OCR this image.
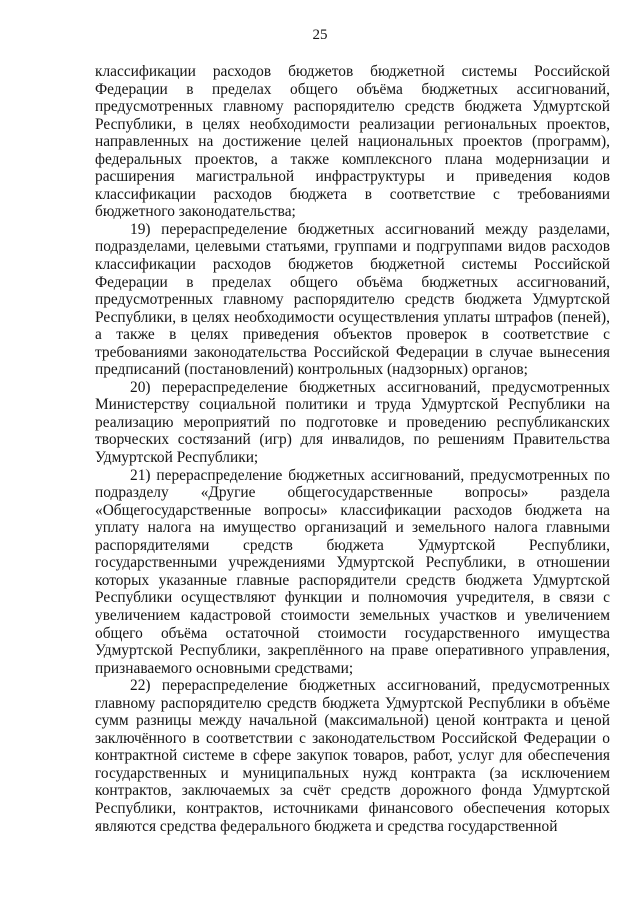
25

классификации расходов бюджетов бюджетной системы Российской Федерации в пределах общего объёма бюджетных ассигнований, предусмотренных главному распорядителю средств бюджета Удмуртской Республики, в целях необходимости реализации региональных проектов, направленных на достижение целей национальных проектов (программ), федеральных проектов, а также комплексного плана модернизации и расширения магистральной инфраструктуры и приведения кодов классификации расходов бюджета в соответствие с требованиями бюджетного законодательства;

19) перераспределение бюджетных ассигнований между разделами, подразделами, целевыми статьями, группами и подгруппами видов расходов классификации расходов бюджетов бюджетной системы Российской Федерации в пределах общего объёма бюджетных ассигнований, предусмотренных главному распорядителю средств бюджета Удмуртской Республики, в целях необходимости осуществления уплаты штрафов (пеней), а также в целях приведения объектов проверок в соответствие с требованиями законодательства Российской Федерации в случае вынесения предписаний (постановлений) контрольных (надзорных) органов;

20) перераспределение бюджетных ассигнований, предусмотренных Министерству социальной политики и труда Удмуртской Республики на реализацию мероприятий по подготовке и проведению республиканских творческих состязаний (игр) для инвалидов, по решениям Правительства Удмуртской Республики;

21) перераспределение бюджетных ассигнований, предусмотренных по подразделу «Другие общегосударственные вопросы» раздела «Общегосударственные вопросы» классификации расходов бюджета на уплату налога на имущество организаций и земельного налога главными распорядителями средств бюджета Удмуртской Республики, государственными учреждениями Удмуртской Республики, в отношении которых указанные главные распорядители средств бюджета Удмуртской Республики осуществляют функции и полномочия учредителя, в связи с увеличением кадастровой стоимости земельных участков и увеличением общего объёма остаточной стоимости государственного имущества Удмуртской Республики, закреплённого на праве оперативного управления, признаваемого основными средствами;

22) перераспределение бюджетных ассигнований, предусмотренных главному распорядителю средств бюджета Удмуртской Республики в объёме сумм разницы между начальной (максимальной) ценой контракта и ценой заключённого в соответствии с законодательством Российской Федерации о контрактной системе в сфере закупок товаров, работ, услуг для обеспечения государственных и муниципальных нужд контракта (за исключением контрактов, заключаемых за счёт средств дорожного фонда Удмуртской Республики, контрактов, источниками финансового обеспечения которых являются средства федерального бюджета и средства государственной
